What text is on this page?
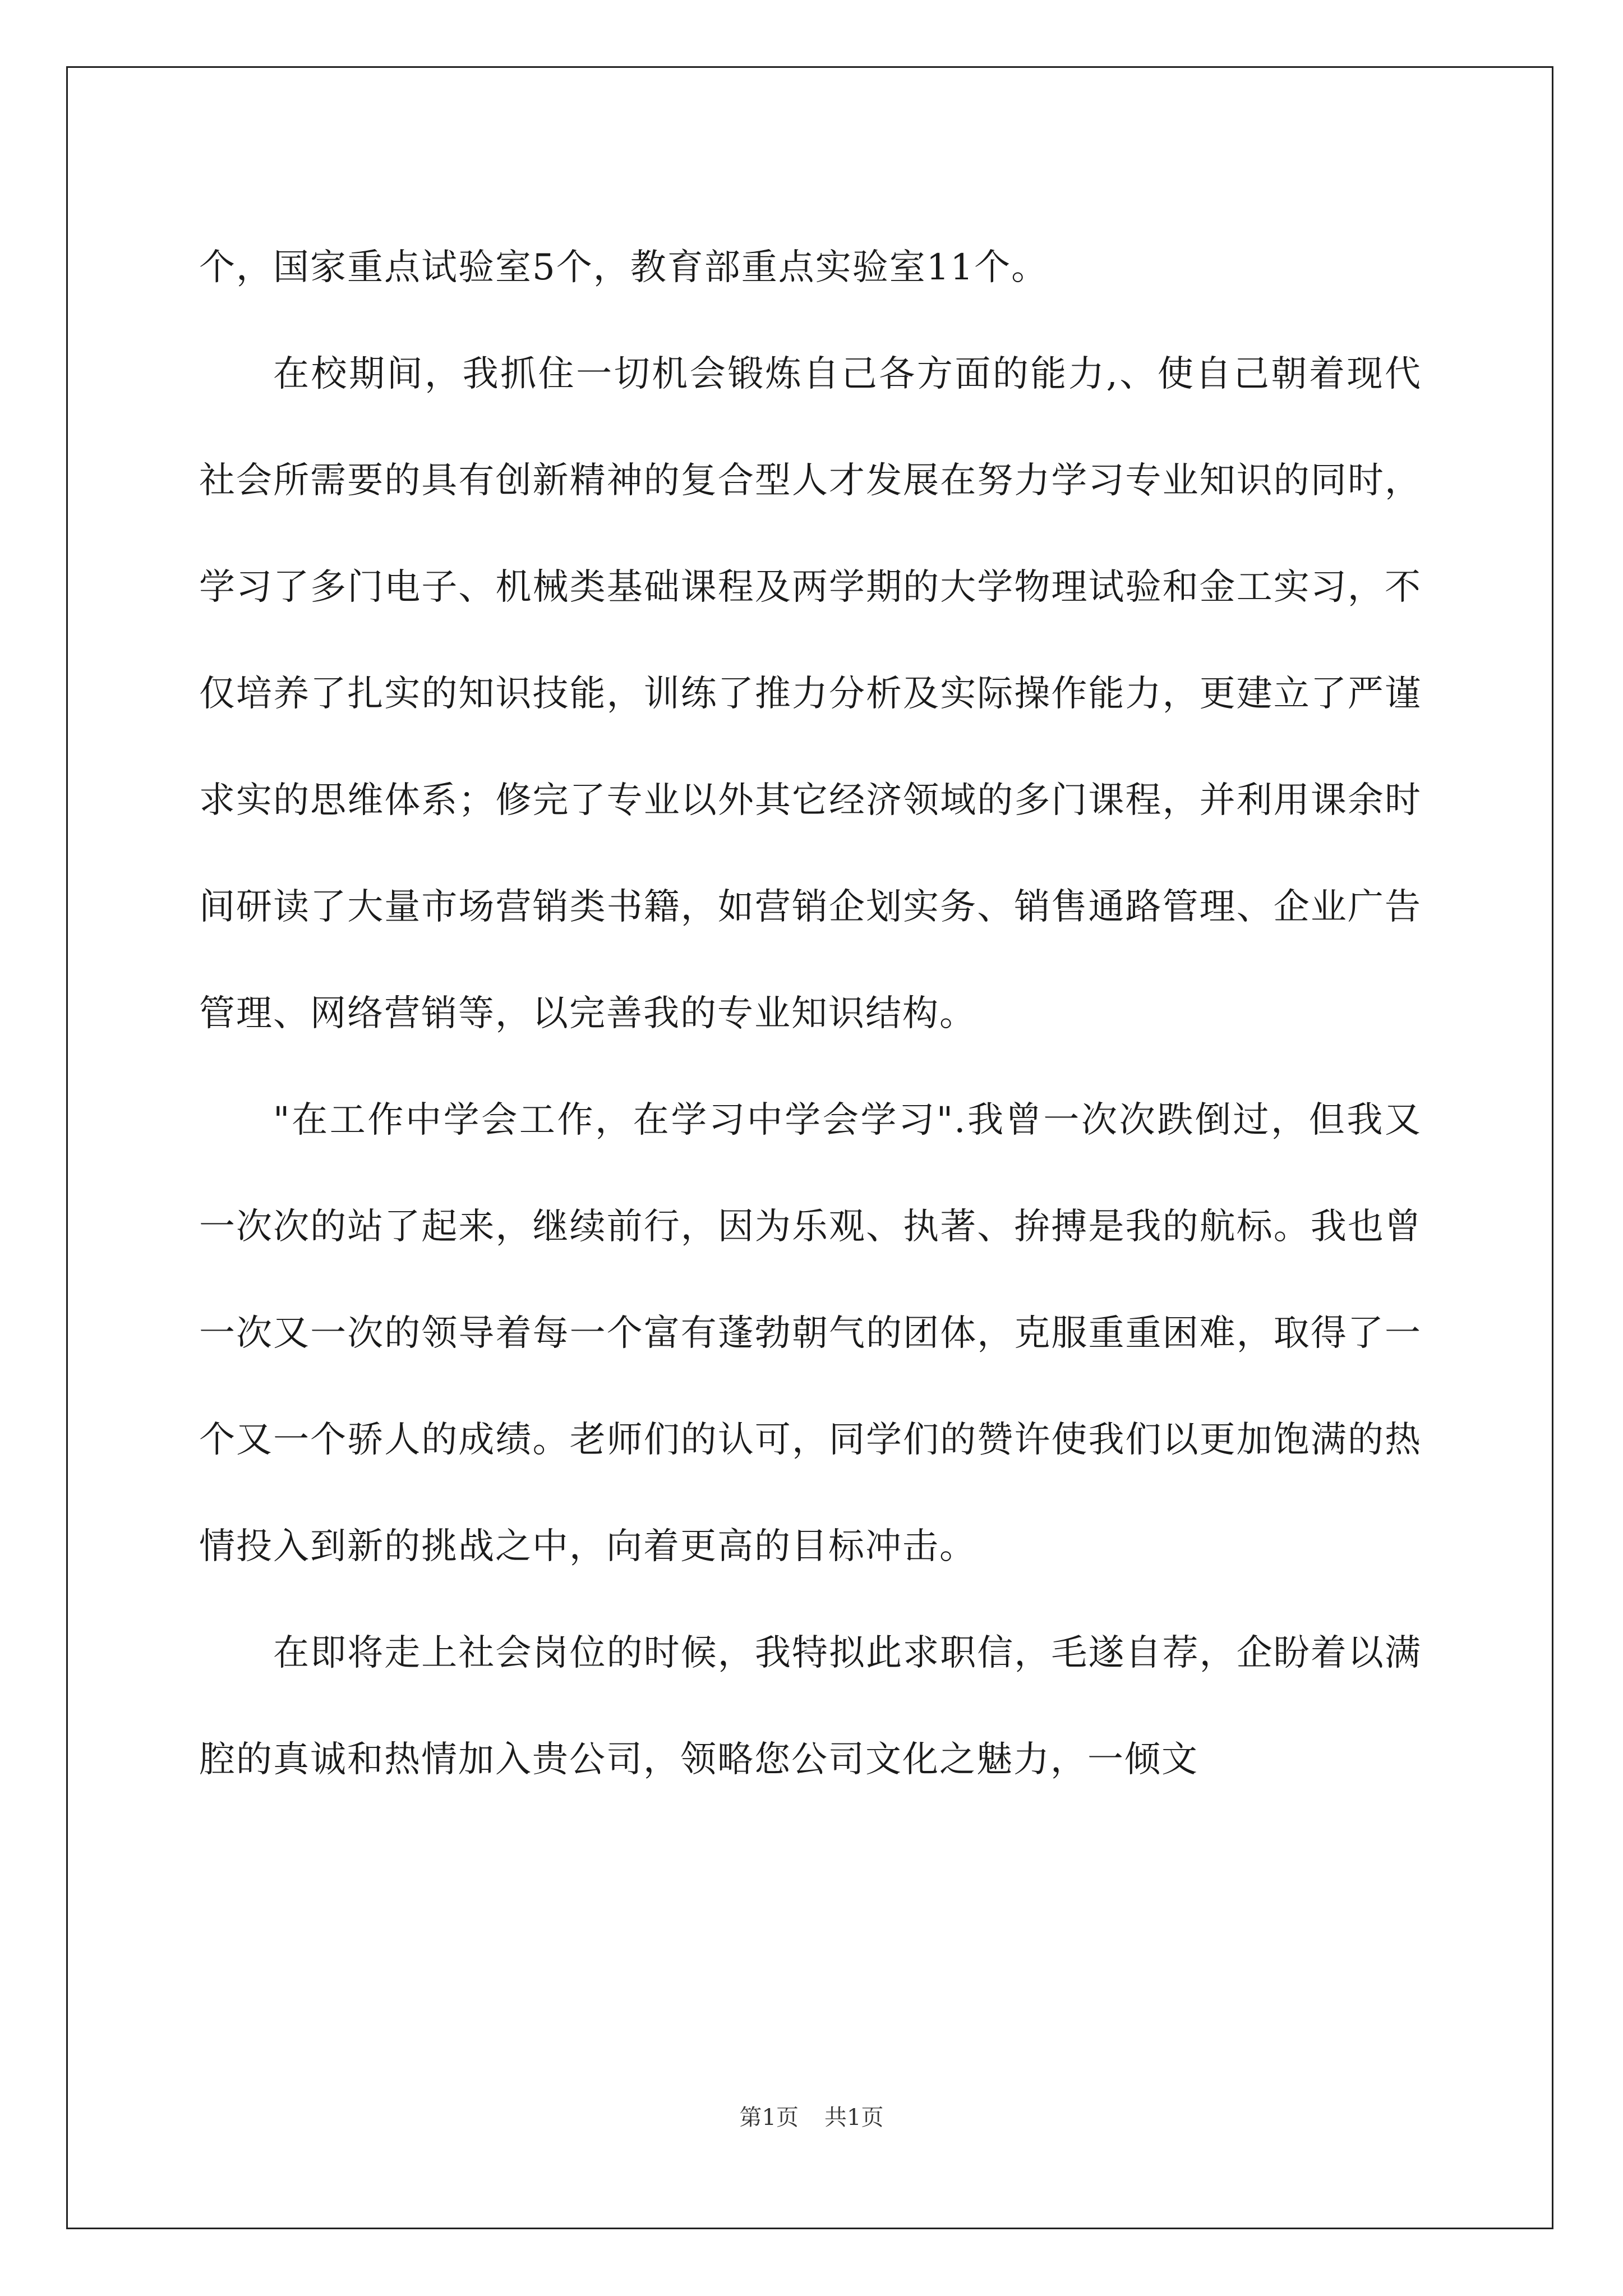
个，国家重点试验室5个，教育部重点实验室11个。

在校期间，我抓住一切机会锻炼自己各方面的能力,、使自己朝着现代社会所需要的具有创新精神的复合型人才发展在努力学习专业知识的同时，学习了多门电子、机械类基础课程及两学期的大学物理试验和金工实习，不仅培养了扎实的知识技能，训练了推力分析及实际操作能力，更建立了严谨求实的思维体系；修完了专业以外其它经济领域的多门课程，并利用课余时间研读了大量市场营销类书籍，如营销企划实务、销售通路管理、企业广告管理、网络营销等，以完善我的专业知识结构。

"在工作中学会工作，在学习中学会学习".我曾一次次跌倒过，但我又一次次的站了起来，继续前行，因为乐观、执著、拚搏是我的航标。我也曾一次又一次的领导着每一个富有蓬勃朝气的团体，克服重重困难，取得了一个又一个骄人的成绩。老师们的认可，同学们的赞许使我们以更加饱满的热情投入到新的挑战之中，向着更高的目标冲击。

在即将走上社会岗位的时候，我特拟此求职信，毛遂自荐，企盼着以满腔的真诚和热情加入贵公司，领略您公司文化之魅力，一倾文

第1页 共1页
